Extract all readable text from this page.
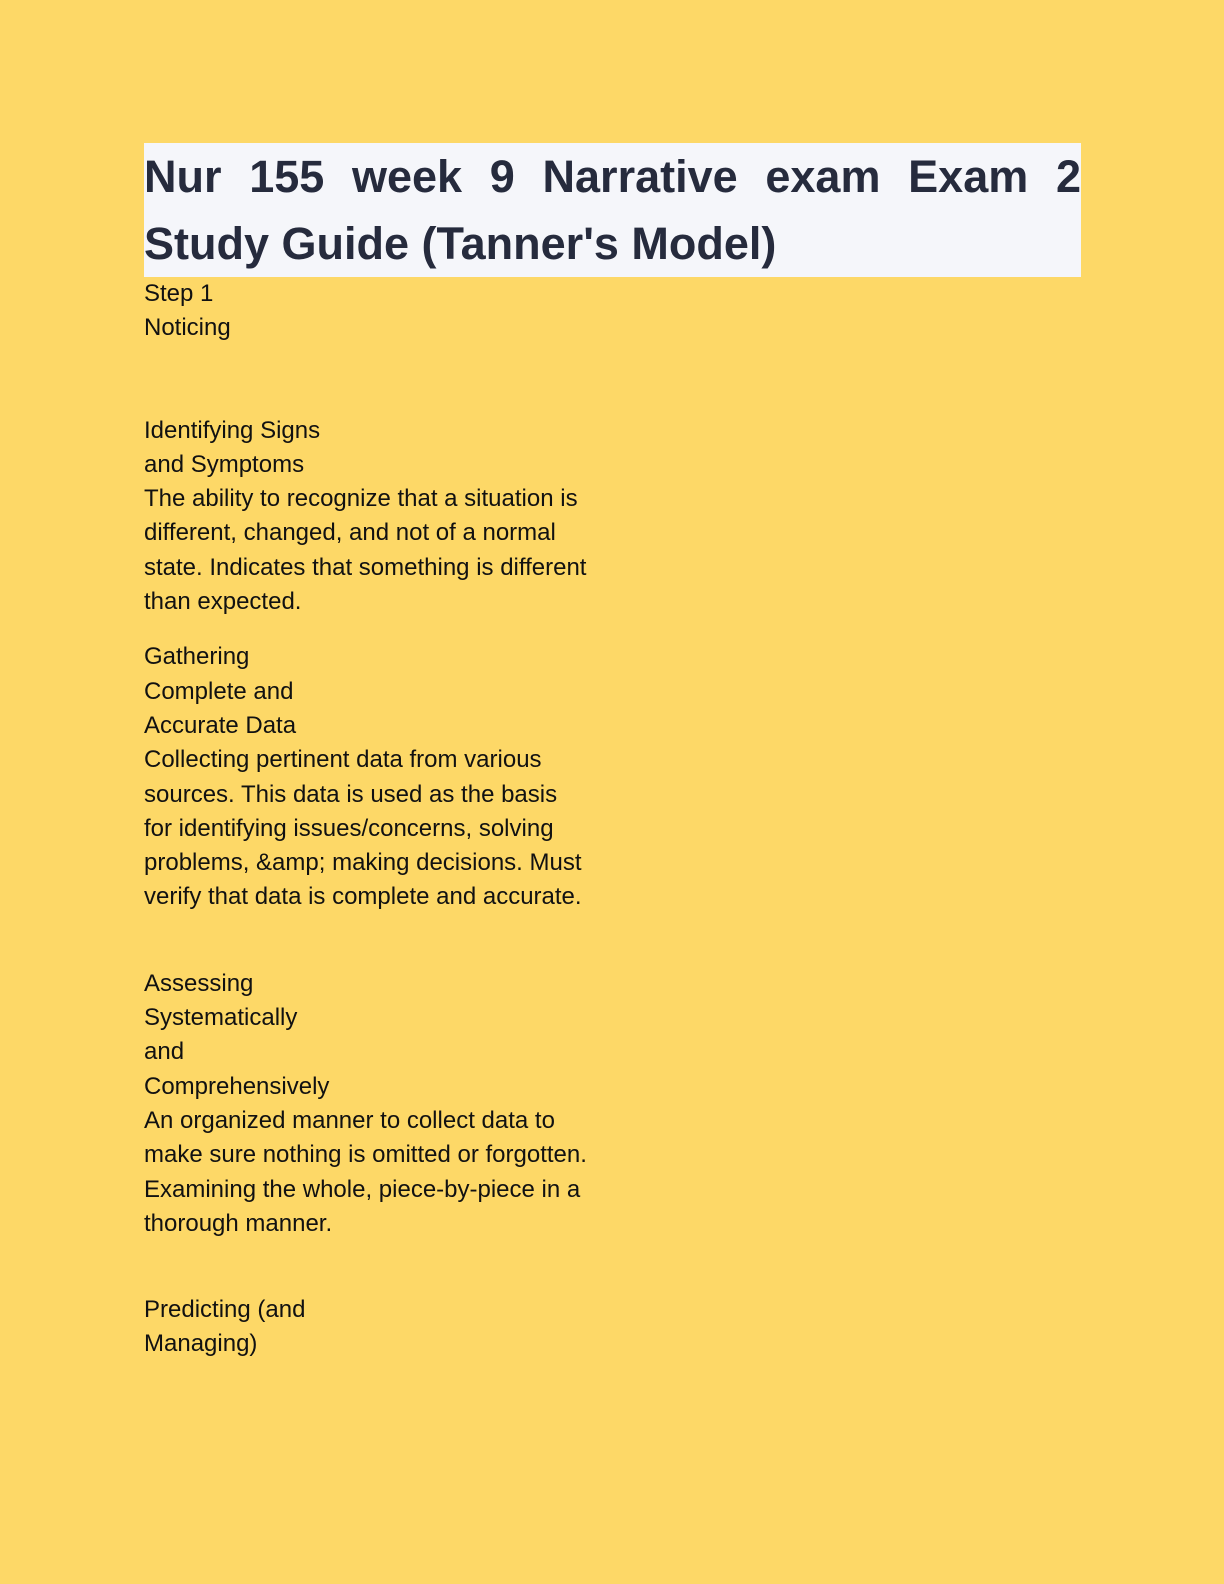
Nur 155 week 9 Narrative exam Exam 2 Study Guide (Tanner's Model)

Step 1

Noticing

Identifying Signs

and Symptoms

The ability to recognize that a situation is

different, changed, and not of a normal

state. Indicates that something is different

than expected.

Gathering

Complete and

Accurate Data

Collecting pertinent data from various

sources. This data is used as the basis

for identifying issues/concerns, solving

problems, &amp; making decisions. Must

verify that data is complete and accurate.

Assessing

Systematically

and

Comprehensively

An organized manner to collect data to

make sure nothing is omitted or forgotten.

Examining the whole, piece-by-piece in a

thorough manner.

Predicting (and

Managing)
